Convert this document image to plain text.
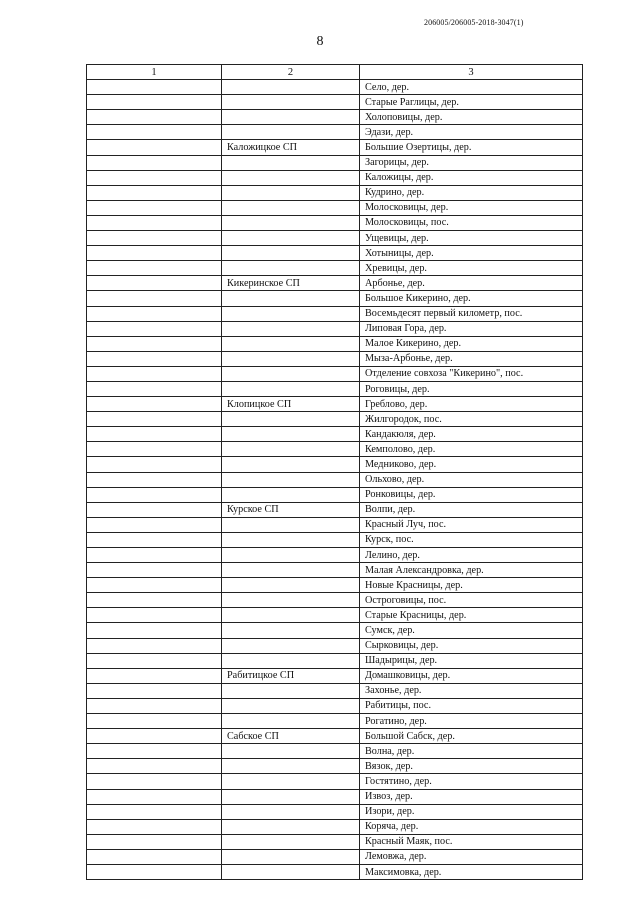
206005/206005-2018-3047(1)
8
1	2	3
		Село, дер.
		Старые Раглицы, дер.
		Холоповицы, дер.
		Эдази, дер.
	Каложицкое СП	Большие Озертицы, дер.
		Загорицы, дер.
		Каложицы, дер.
		Кудрино, дер.
		Молосковицы, дер.
		Молосковицы, пос.
		Ущевицы, дер.
		Хотыницы, дер.
		Хревицы, дер.
	Кикеринское СП	Арбонье, дер.
		Большое Кикерино, дер.
		Восемьдесят первый километр, пос.
		Липовая Гора, дер.
		Малое Кикерино, дер.
		Мыза-Арбонье, дер.
		Отделение совхоза "Кикерино", пос.
		Роговицы, дер.
	Клопицкое СП	Греблово, дер.
		Жилгородок, пос.
		Кандакюля, дер.
		Кемполово, дер.
		Медниково, дер.
		Ольхово, дер.
		Ронковицы, дер.
	Курское СП	Волпи, дер.
		Красный Луч, пос.
		Курск, пос.
		Лелино, дер.
		Малая Александровка, дер.
		Новые Красницы, дер.
		Остроговицы, пос.
		Старые Красницы, дер.
		Сумск, дер.
		Сырковицы, дер.
		Шадырицы, дер.
	Рабитицкое СП	Домашковицы, дер.
		Захонье, дер.
		Рабитицы, пос.
		Рогатино, дер.
	Сабское СП	Большой Сабск, дер.
		Волна, дер.
		Вязок, дер.
		Гостятино, дер.
		Извоз, дер.
		Изори, дер.
		Коряча, дер.
		Красный Маяк, пос.
		Лемовжа, дер.
		Максимовка, дер.
